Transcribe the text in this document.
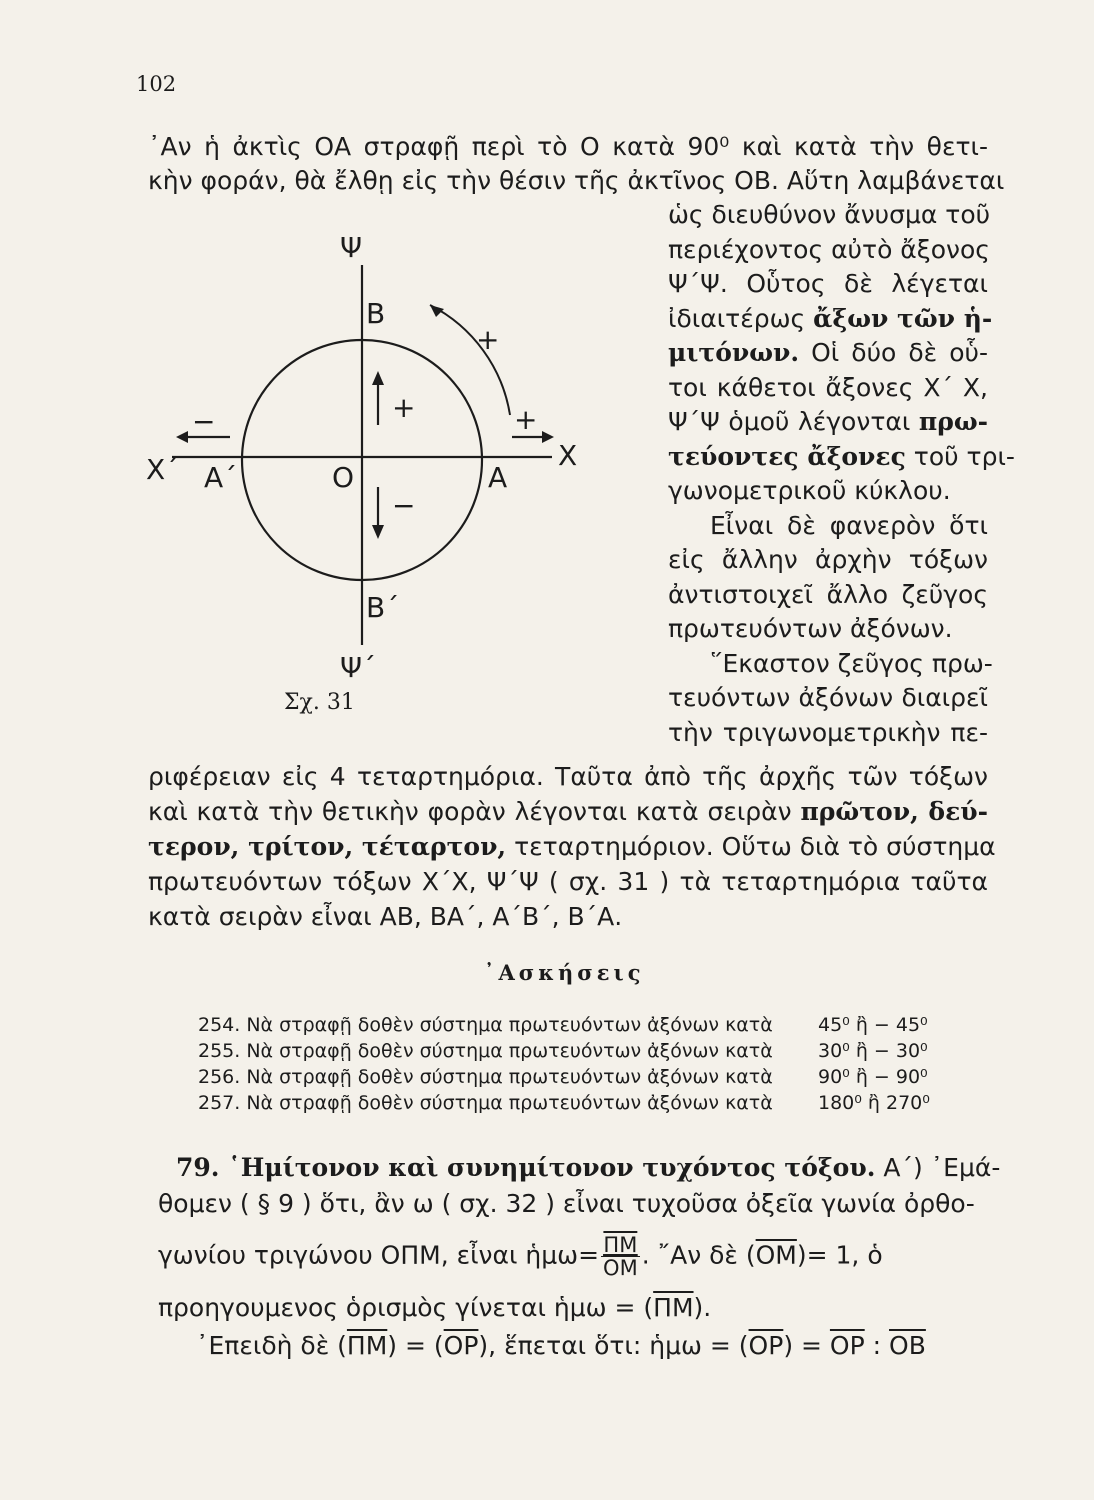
102
᾿Αν ἡ ἀκτὶς ΟΑ στραφῇ περὶ τὸ Ο κατὰ 90⁰ καὶ κατὰ τὴν θετι-
κὴν φοράν, θὰ ἔλθῃ εἰς τὴν θέσιν τῆς ἀκτῖνος ΟΒ. Αὕτη λαμβάνεται
Ψ
Ψ΄
Β
Β΄
Χ
Χ΄	Α
Α΄	Ο
+
+	+
−
−
Σχ. 31
ὡς διευθύνον ἄνυσμα τοῦ
περιέχοντος αὐτὸ ἄξονος
Ψ΄Ψ. Οὗτος δὲ λέγεται
ἰδιαιτέρως ἄξων τῶν ἡ-
μιτόνων. Οἱ δύο δὲ οὗ-
τοι κάθετοι ἄξονες Χ΄ Χ,
Ψ΄Ψ ὁμοῦ λέγονται πρω-
τεύοντες ἄξονες τοῦ τρι-
γωνομετρικοῦ κύκλου.
Εἶναι δὲ φανερὸν ὅτι
εἰς ἄλλην ἀρχὴν τόξων
ἀντιστοιχεῖ ἄλλο ζεῦγος
πρωτευόντων ἀξόνων.
῞Εκαστον ζεῦγος πρω-
τευόντων ἀξόνων διαιρεῖ
τὴν τριγωνομετρικὴν πε-
ριφέρειαν εἰς 4 τεταρτημόρια. Ταῦτα ἀπὸ τῆς ἀρχῆς τῶν τόξων
καὶ κατὰ τὴν θετικὴν φορὰν λέγονται κατὰ σειρὰν πρῶτον, δεύ-
τερον, τρίτον, τέταρτον, τεταρτημόριον. Οὕτω διὰ τὸ σύστημα
πρωτευόντων τόξων Χ΄Χ, Ψ΄Ψ ( σχ. 31 ) τὰ τεταρτημόρια ταῦτα
κατὰ σειρὰν εἶναι ΑΒ, ΒΑ΄, Α΄Β΄, Β΄Α.
᾿Ασκήσεις
254. Νὰ στραφῇ δοθὲν σύστημα πρωτευόντων ἀξόνων κατὰ 45⁰ ἢ − 45⁰
255. Νὰ στραφῇ δοθὲν σύστημα πρωτευόντων ἀξόνων κατὰ 30⁰ ἢ − 30⁰
256. Νὰ στραφῇ δοθὲν σύστημα πρωτευόντων ἀξόνων κατὰ 90⁰ ἢ − 90⁰
257. Νὰ στραφῇ δοθὲν σύστημα πρωτευόντων ἀξόνων κατὰ 180⁰ ἢ 270⁰
79. ῾Ημίτονον καὶ συνημίτονον τυχόντος τόξου. Α΄) ᾿Εμά-
θομεν ( § 9 ) ὅτι, ἂν ω ( σχ. 32 ) εἶναι τυχοῦσα ὀξεῖα γωνία ὀρθο-
γωνίου τριγώνου ΟΠΜ, εἶναι ἡμω= $\frac{\overline{\Pi M}}{OM}$ . ῎Αν δὲ $(\overline{OM})= 1$, ὁ
προηγουμενος ὁρισμὸς γίνεται ἡμω = $(\overline{\Pi M})$.
᾿Επειδὴ δὲ $(\overline{\Pi M}) = (\overline{OP})$, ἕπεται ὅτι: ἡμω = $(\overline{OP}) = \overline{OP}$ : $\overline{OB}$
